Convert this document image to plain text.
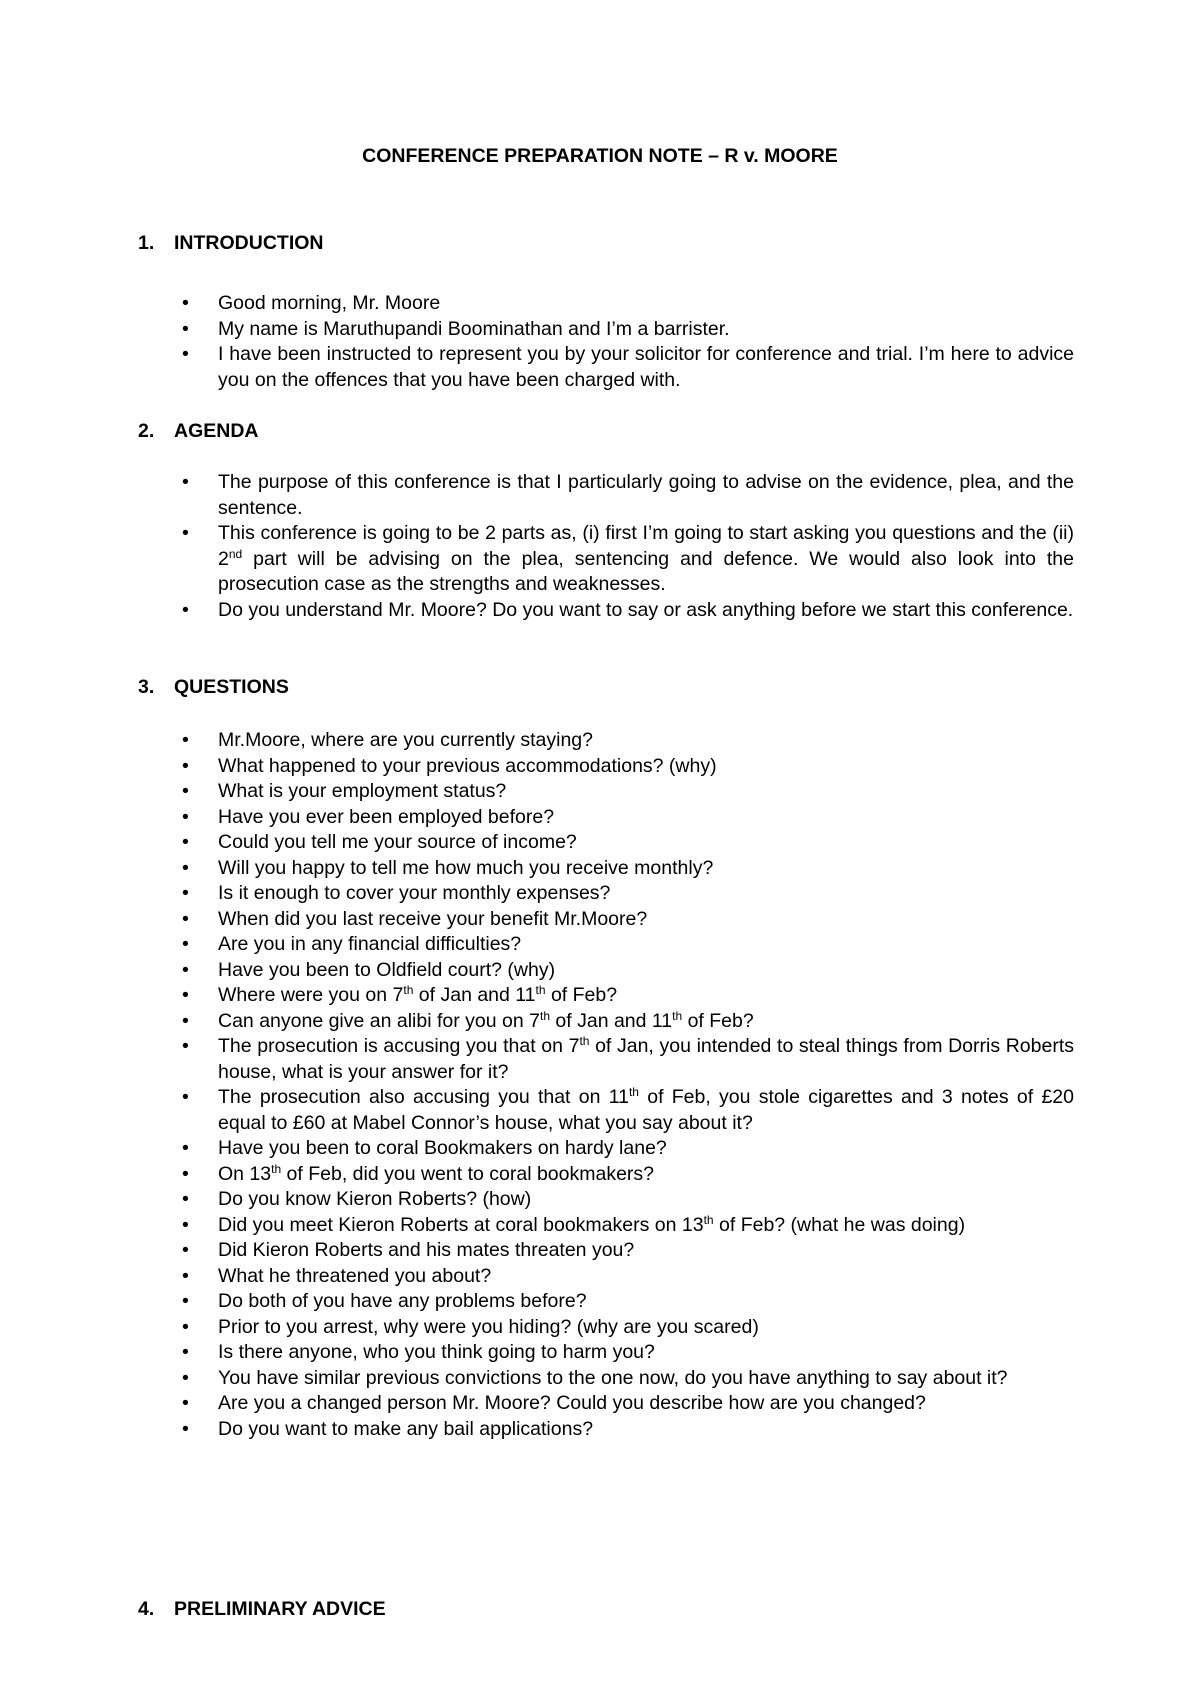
CONFERENCE PREPARATION NOTE – R v. MOORE
1. INTRODUCTION
• Good morning, Mr. Moore
• My name is Maruthupandi Boominathan and I’m a barrister.
• I have been instructed to represent you by your solicitor for conference and trial. I’m here to advice you on the offences that you have been charged with.
2. AGENDA
• The purpose of this conference is that I particularly going to advise on the evidence, plea, and the sentence.
• This conference is going to be 2 parts as, (i) first I’m going to start asking you questions and the (ii) 2nd part will be advising on the plea, sentencing and defence. We would also look into the prosecution case as the strengths and weaknesses.
• Do you understand Mr. Moore? Do you want to say or ask anything before we start this conference.
3. QUESTIONS
• Mr.Moore, where are you currently staying?
• What happened to your previous accommodations? (why)
• What is your employment status?
• Have you ever been employed before?
• Could you tell me your source of income?
• Will you happy to tell me how much you receive monthly?
• Is it enough to cover your monthly expenses?
• When did you last receive your benefit Mr.Moore?
• Are you in any financial difficulties?
• Have you been to Oldfield court? (why)
• Where were you on 7th of Jan and 11th of Feb?
• Can anyone give an alibi for you on 7th of Jan and 11th of Feb?
• The prosecution is accusing you that on 7th of Jan, you intended to steal things from Dorris Roberts house, what is your answer for it?
• The prosecution also accusing you that on 11th of Feb, you stole cigarettes and 3 notes of £20 equal to £60 at Mabel Connor’s house, what you say about it?
• Have you been to coral Bookmakers on hardy lane?
• On 13th of Feb, did you went to coral bookmakers?
• Do you know Kieron Roberts? (how)
• Did you meet Kieron Roberts at coral bookmakers on 13th of Feb? (what he was doing)
• Did Kieron Roberts and his mates threaten you?
• What he threatened you about?
• Do both of you have any problems before?
• Prior to you arrest, why were you hiding? (why are you scared)
• Is there anyone, who you think going to harm you?
• You have similar previous convictions to the one now, do you have anything to say about it?
• Are you a changed person Mr. Moore? Could you describe how are you changed?
• Do you want to make any bail applications?
4. PRELIMINARY ADVICE
